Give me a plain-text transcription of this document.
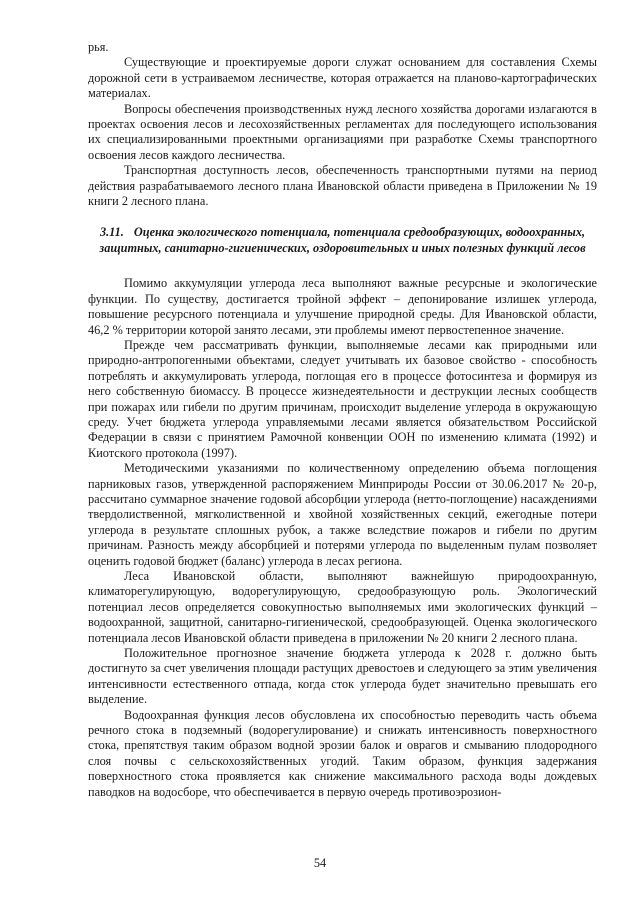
рья.

Существующие и проектируемые дороги служат основанием для составления Схемы дорожной сети в устраиваемом лесничестве, которая отражается на планово-картографических материалах.

Вопросы обеспечения производственных нужд лесного хозяйства дорогами излагаются в проектах освоения лесов и лесохозяйственных регламентах для последующего использования их специализированными проектными организациями при разработке Схемы транспортного освоения лесов каждого лесничества.

Транспортная доступность лесов, обеспеченность транспортными путями на период действия разрабатываемого лесного плана Ивановской области приведена в Приложении № 19 книги 2 лесного плана.

3.11. Оценка экологического потенциала, потенциала средообразующих, водоохранных, защитных, санитарно-гигиенических, оздоровительных и иных полезных функций лесов

Помимо аккумуляции углерода леса выполняют важные ресурсные и экологические функции. По существу, достигается тройной эффект – депонирование излишек углерода, повышение ресурсного потенциала и улучшение природной среды. Для Ивановской области, 46,2 % территории которой занято лесами, эти проблемы имеют первостепенное значение.

Прежде чем рассматривать функции, выполняемые лесами как природными или природно-антропогенными объектами, следует учитывать их базовое свойство - способность потреблять и аккумулировать углерода, поглощая его в процессе фотосинтеза и формируя из него собственную биомассу. В процессе жизнедеятельности и деструкции лесных сообществ при пожарах или гибели по другим причинам, происходит выделение углерода в окружающую среду. Учет бюджета углерода управляемыми лесами является обязательством Российской Федерации в связи с принятием Рамочной конвенции ООН по изменению климата (1992) и Киотского протокола (1997).

Методическими указаниями по количественному определению объема поглощения парниковых газов, утвержденной распоряжением Минприроды России от 30.06.2017 № 20-р, рассчитано суммарное значение годовой абсорбции углерода (нетто-поглощение) насаждениями твердолиственной, мягколиственной и хвойной хозяйственных секций, ежегодные потери углерода в результате сплошных рубок, а также вследствие пожаров и гибели по другим причинам. Разность между абсорбцией и потерями углерода по выделенным пулам позволяет оценить годовой бюджет (баланс) углерода в лесах региона.

Леса Ивановской области, выполняют важнейшую природоохранную, климаторегулирующую, водорегулирующую, средообразующую роль. Экологический потенциал лесов определяется совокупностью выполняемых ими экологических функций – водоохранной, защитной, санитарно-гигиенической, средообразующей. Оценка экологического потенциала лесов Ивановской области приведена в приложении № 20 книги 2 лесного плана.

Положительное прогнозное значение бюджета углерода к 2028 г. должно быть достигнуто за счет увеличения площади растущих древостоев и следующего за этим увеличения интенсивности естественного отпада, когда сток углерода будет значительно превышать его выделение.

Водоохранная функция лесов обусловлена их способностью переводить часть объема речного стока в подземный (водорегулирование) и снижать интенсивность поверхностного стока, препятствуя таким образом водной эрозии балок и оврагов и смыванию плодородного слоя почвы с сельскохозяйственных угодий. Таким образом, функция задержания поверхностного стока проявляется как снижение максимального расхода воды дождевых паводков на водосборе, что обеспечивается в первую очередь противоэрозион-

54
